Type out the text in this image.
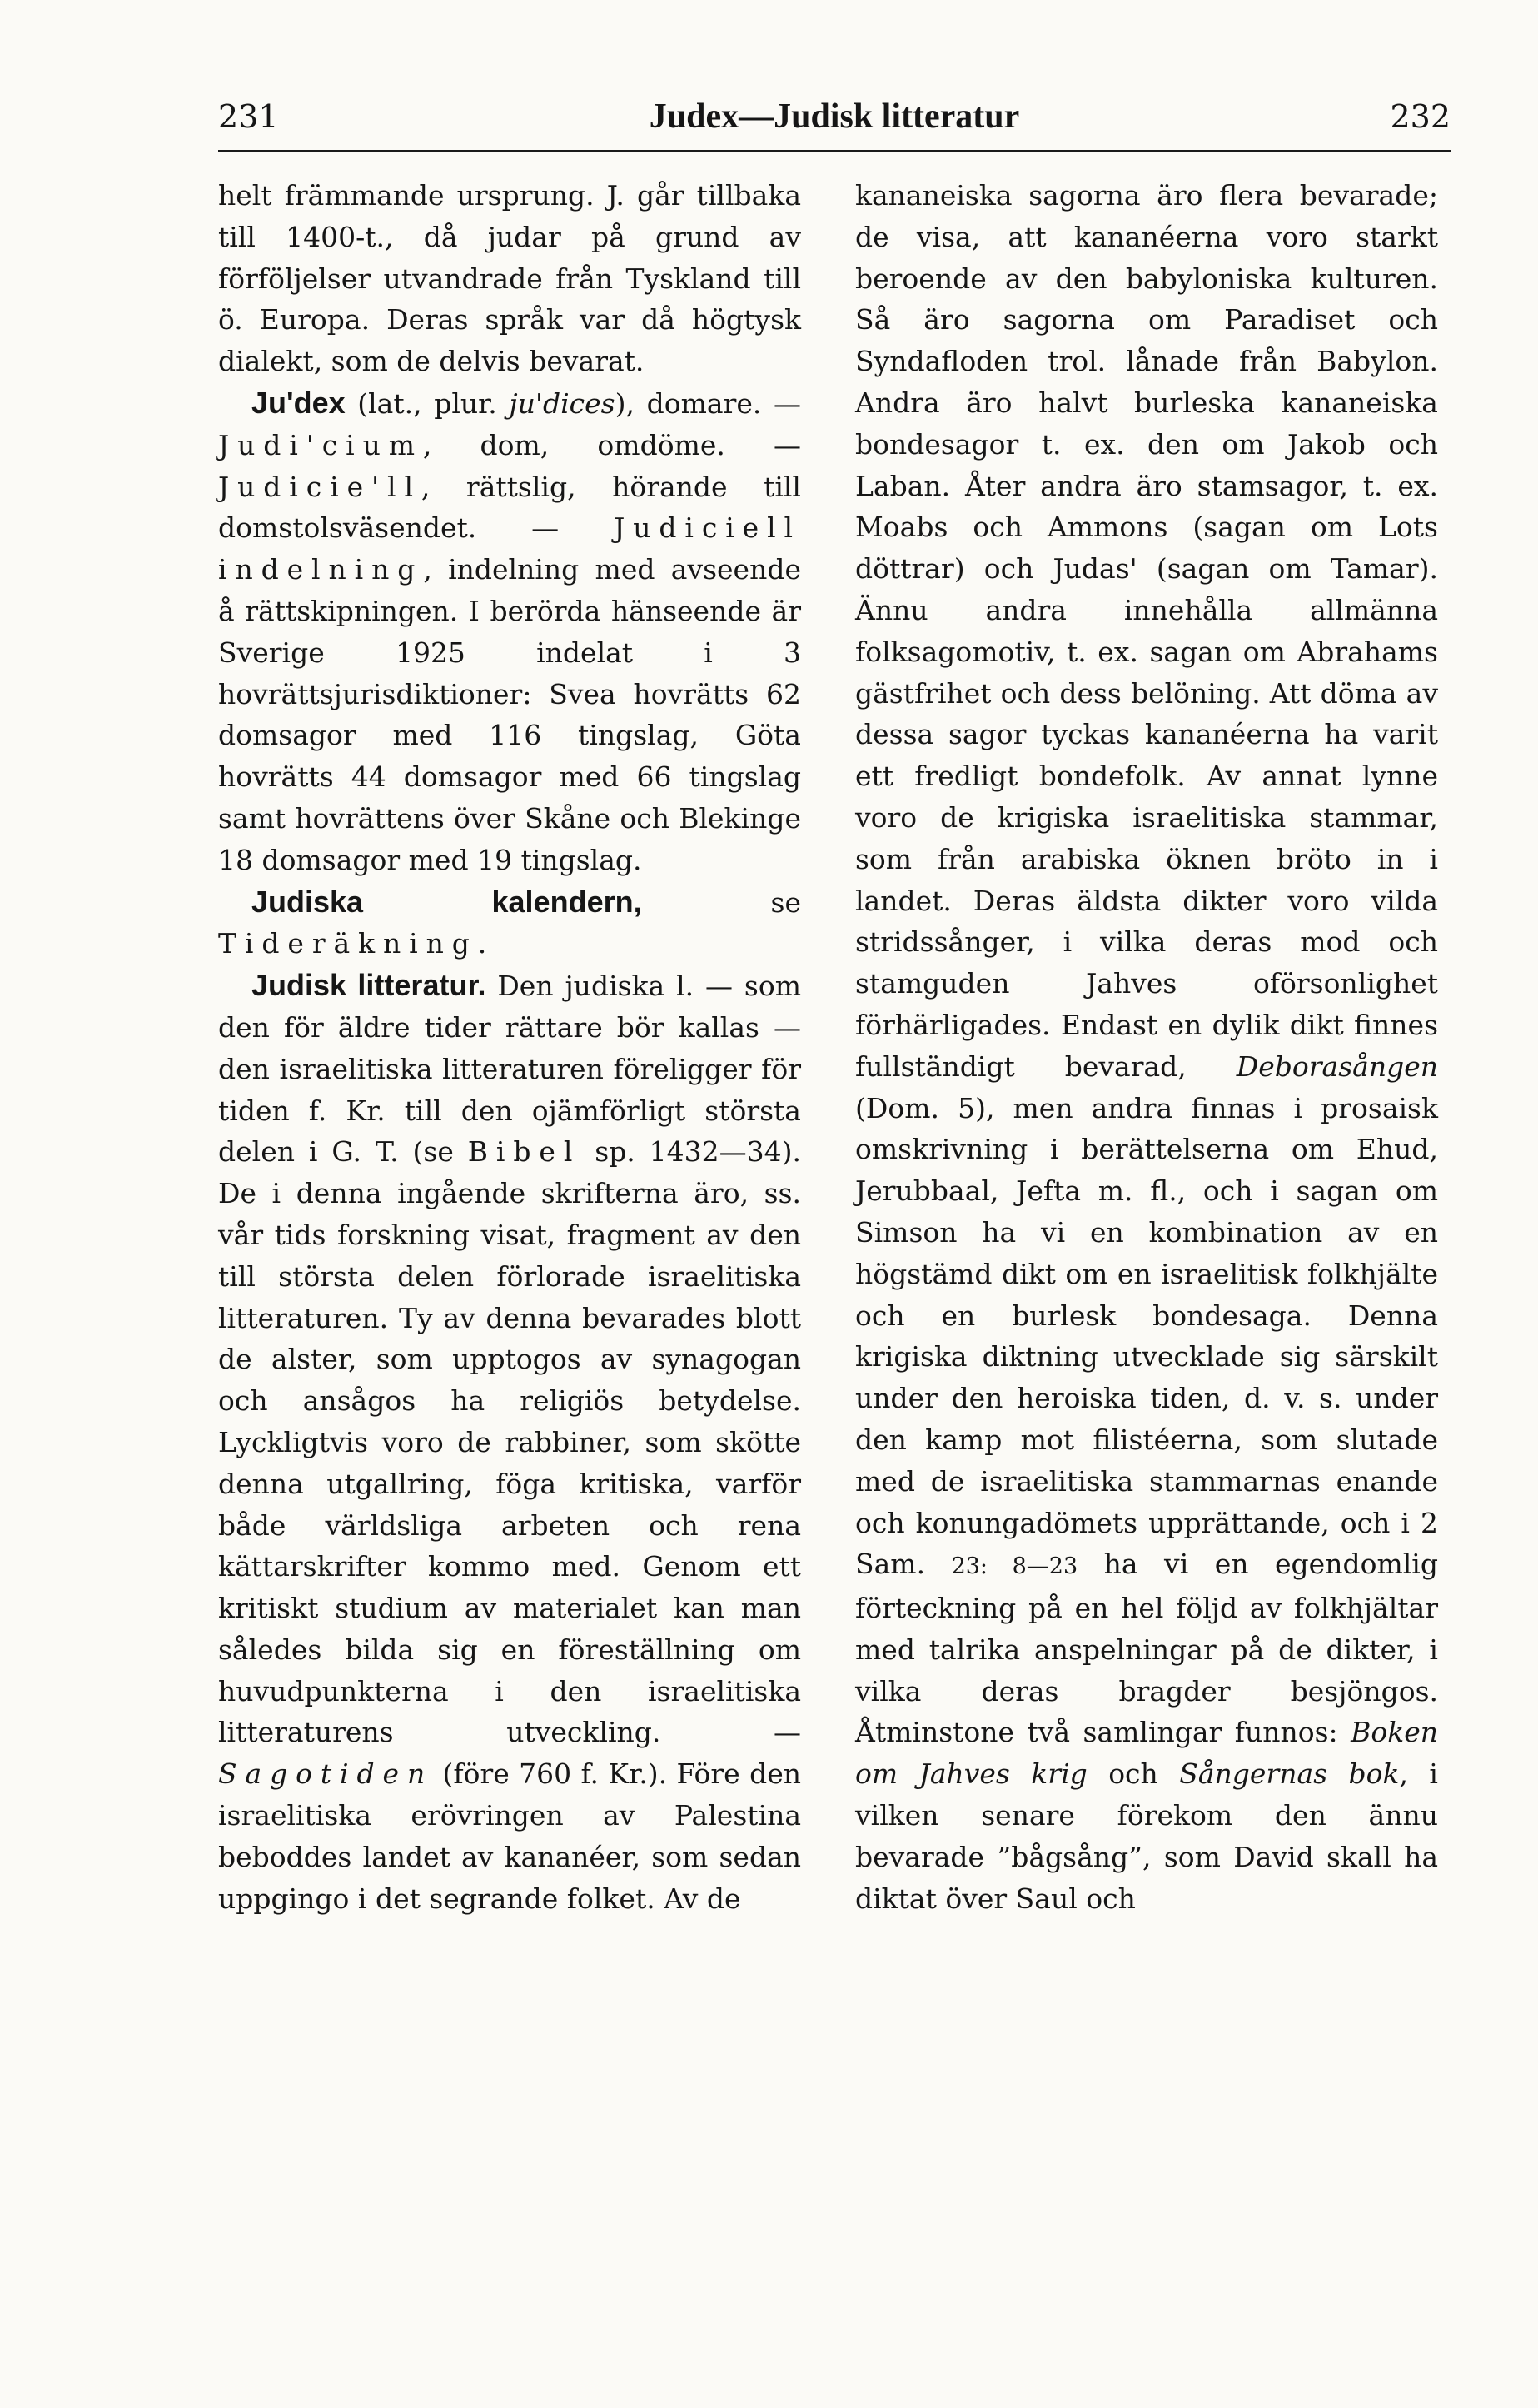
231	Judex—Judisk litteratur	232

helt främmande ursprung. J. går tillbaka till 1400-t., då judar på grund av förföljelser utvandrade från Tyskland till ö. Europa. Deras språk var då högtysk dialekt, som de delvis bevarat.

Ju'dex (lat., plur. ju'dices), domare. — Judi'cium, dom, omdöme. — Judicie'll, rättslig, hörande till domstolsväsendet. — Judiciell indelning, indelning med avseende å rättskipningen. I berörda hänseende är Sverige 1925 indelat i 3 hovrättsjurisdiktioner: Svea hovrätts 62 domsagor med 116 tingslag, Göta hovrätts 44 domsagor med 66 tingslag samt hovrättens över Skåne och Blekinge 18 domsagor med 19 tingslag.

Judiska kalendern, se Tideräkning.

Judisk litteratur. Den judiska l. — som den för äldre tider rättare bör kallas — den israelitiska litteraturen föreligger för tiden f. Kr. till den ojämförligt största delen i G. T. (se Bibel sp. 1432—34). De i denna ingående skrifterna äro, ss. vår tids forskning visat, fragment av den till största delen förlorade israelitiska litteraturen. Ty av denna bevarades blott de alster, som upptogos av synagogan och ansågos ha religiös betydelse. Lyckligtvis voro de rabbiner, som skötte denna utgallring, föga kritiska, varför både världsliga arbeten och rena kättarskrifter kommo med. Genom ett kritiskt studium av materialet kan man således bilda sig en föreställning om huvudpunkterna i den israelitiska litteraturens utveckling. — Sagotiden (före 760 f. Kr.). Före den israelitiska erövringen av Palestina beboddes landet av kananéer, som sedan uppgingo i det segrande folket. Av de

kananeiska sagorna äro flera bevarade; de visa, att kananéerna voro starkt beroende av den babyloniska kulturen. Så äro sagorna om Paradiset och Syndafloden trol. lånade från Babylon. Andra äro halvt burleska kananeiska bondesagor t. ex. den om Jakob och Laban. Åter andra äro stamsagor, t. ex. Moabs och Ammons (sagan om Lots döttrar) och Judas' (sagan om Tamar). Ännu andra innehålla allmänna folksagomotiv, t. ex. sagan om Abrahams gästfrihet och dess belöning. Att döma av dessa sagor tyckas kananéerna ha varit ett fredligt bondefolk. Av annat lynne voro de krigiska israelitiska stammar, som från arabiska öknen bröto in i landet. Deras äldsta dikter voro vilda stridssånger, i vilka deras mod och stamguden Jahves oförsonlighet förhärligades. Endast en dylik dikt finnes fullständigt bevarad, Deborasången (Dom. 5), men andra finnas i prosaisk omskrivning i berättelserna om Ehud, Jerubbaal, Jefta m. fl., och i sagan om Simson ha vi en kombination av en högstämd dikt om en israelitisk folkhjälte och en burlesk bondesaga. Denna krigiska diktning utvecklade sig särskilt under den heroiska tiden, d. v. s. under den kamp mot filistéerna, som slutade med de israelitiska stammarnas enande och konungadömets upprättande, och i 2 Sam. 23: 8—23 ha vi en egendomlig förteckning på en hel följd av folkhjältar med talrika anspelningar på de dikter, i vilka deras bragder besjöngos. Åtminstone två samlingar funnos: Boken om Jahves krig och Sångernas bok, i vilken senare förekom den ännu bevarade ”bågsång”, som David skall ha diktat över Saul och
